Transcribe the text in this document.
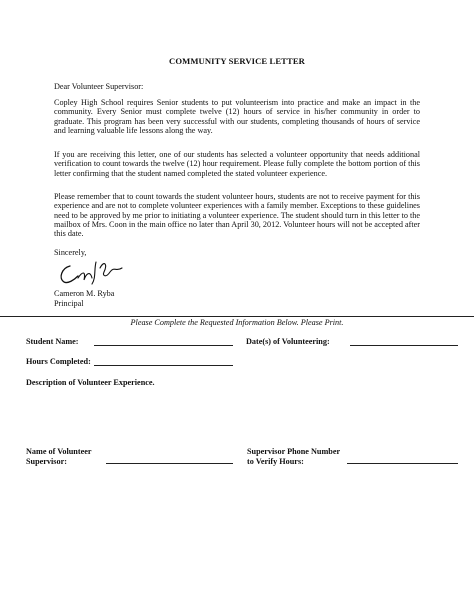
COMMUNITY SERVICE LETTER
Dear Volunteer Supervisor:

Copley High School requires Senior students to put volunteerism into practice and make an impact in the community. Every Senior must complete twelve (12) hours of service in his/her community in order to graduate. This program has been very successful with our students, completing thousands of hours of service and learning valuable life lessons along the way.

If you are receiving this letter, one of our students has selected a volunteer opportunity that needs additional verification to count towards the twelve (12) hour requirement. Please fully complete the bottom portion of this letter confirming that the student named completed the stated volunteer experience.

Please remember that to count towards the student volunteer hours, students are not to receive payment for this experience and are not to complete volunteer experiences with a family member. Exceptions to these guidelines need to be approved by me prior to initiating a volunteer experience. The student should turn in this letter to the mailbox of Mrs. Coon in the main office no later than April 30, 2012. Volunteer hours will not be accepted after this date.

Sincerely,
Cameron M. Ryba
Principal
Please Complete the Requested Information Below. Please Print.
Student Name:	Date(s) of Volunteering:
Hours Completed:
Description of Volunteer Experience.
Name of Volunteer
Supervisor:
Supervisor Phone Number
to Verify Hours:
